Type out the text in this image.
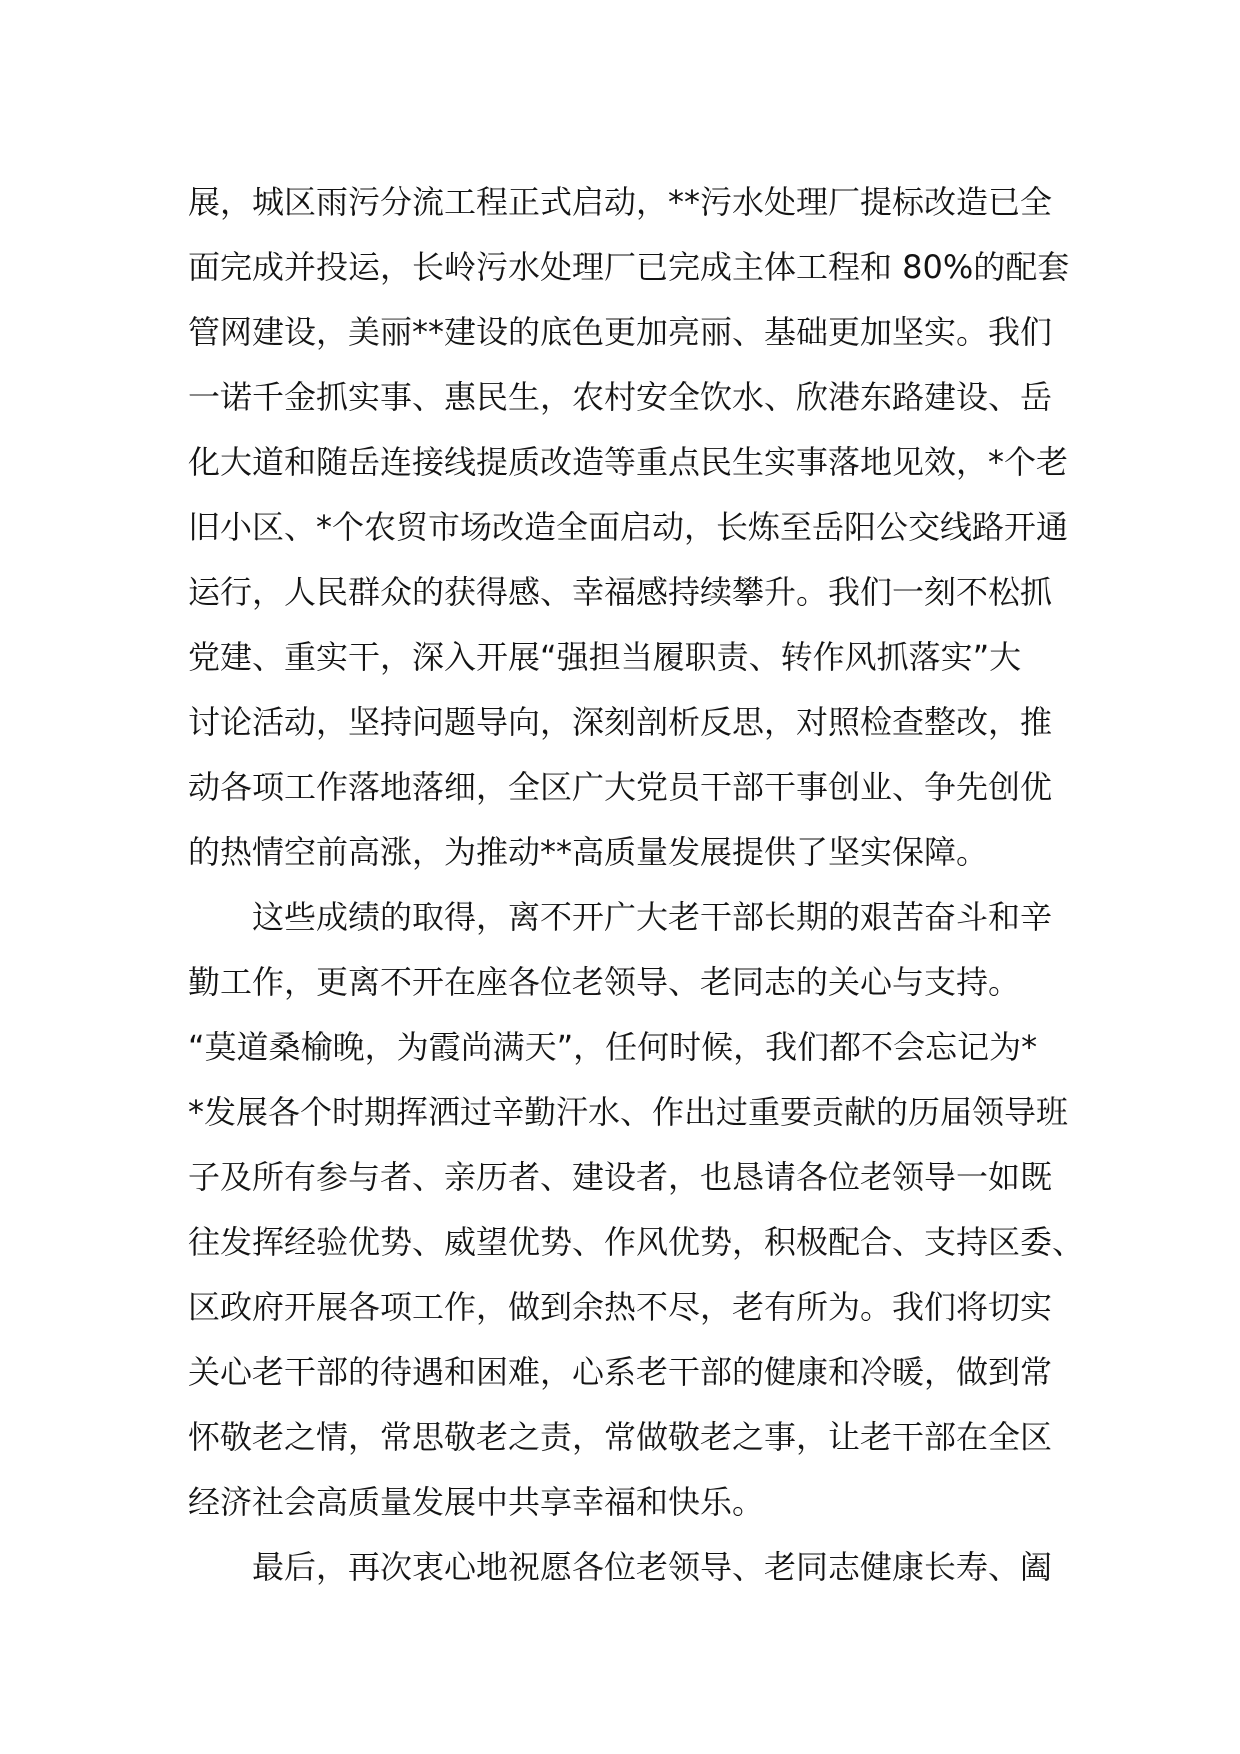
展，城区雨污分流工程正式启动，**污水处理厂提标改造已全
面完成并投运，长岭污水处理厂已完成主体工程和 80%的配套
管网建设，美丽**建设的底色更加亮丽、基础更加坚实。我们
一诺千金抓实事、惠民生，农村安全饮水、欣港东路建设、岳
化大道和随岳连接线提质改造等重点民生实事落地见效，*个老
旧小区、*个农贸市场改造全面启动，长炼至岳阳公交线路开通
运行，人民群众的获得感、幸福感持续攀升。我们一刻不松抓
党建、重实干，深入开展“强担当履职责、转作风抓落实”大
讨论活动，坚持问题导向，深刻剖析反思，对照检查整改，推
动各项工作落地落细，全区广大党员干部干事创业、争先创优
的热情空前高涨，为推动**高质量发展提供了坚实保障。
这些成绩的取得，离不开广大老干部长期的艰苦奋斗和辛
勤工作，更离不开在座各位老领导、老同志的关心与支持。
“莫道桑榆晚，为霞尚满天”，任何时候，我们都不会忘记为*
*发展各个时期挥洒过辛勤汗水、作出过重要贡献的历届领导班
子及所有参与者、亲历者、建设者，也恳请各位老领导一如既
往发挥经验优势、威望优势、作风优势，积极配合、支持区委、
区政府开展各项工作，做到余热不尽，老有所为。我们将切实
关心老干部的待遇和困难，心系老干部的健康和冷暖，做到常
怀敬老之情，常思敬老之责，常做敬老之事，让老干部在全区
经济社会高质量发展中共享幸福和快乐。
最后，再次衷心地祝愿各位老领导、老同志健康长寿、阖
